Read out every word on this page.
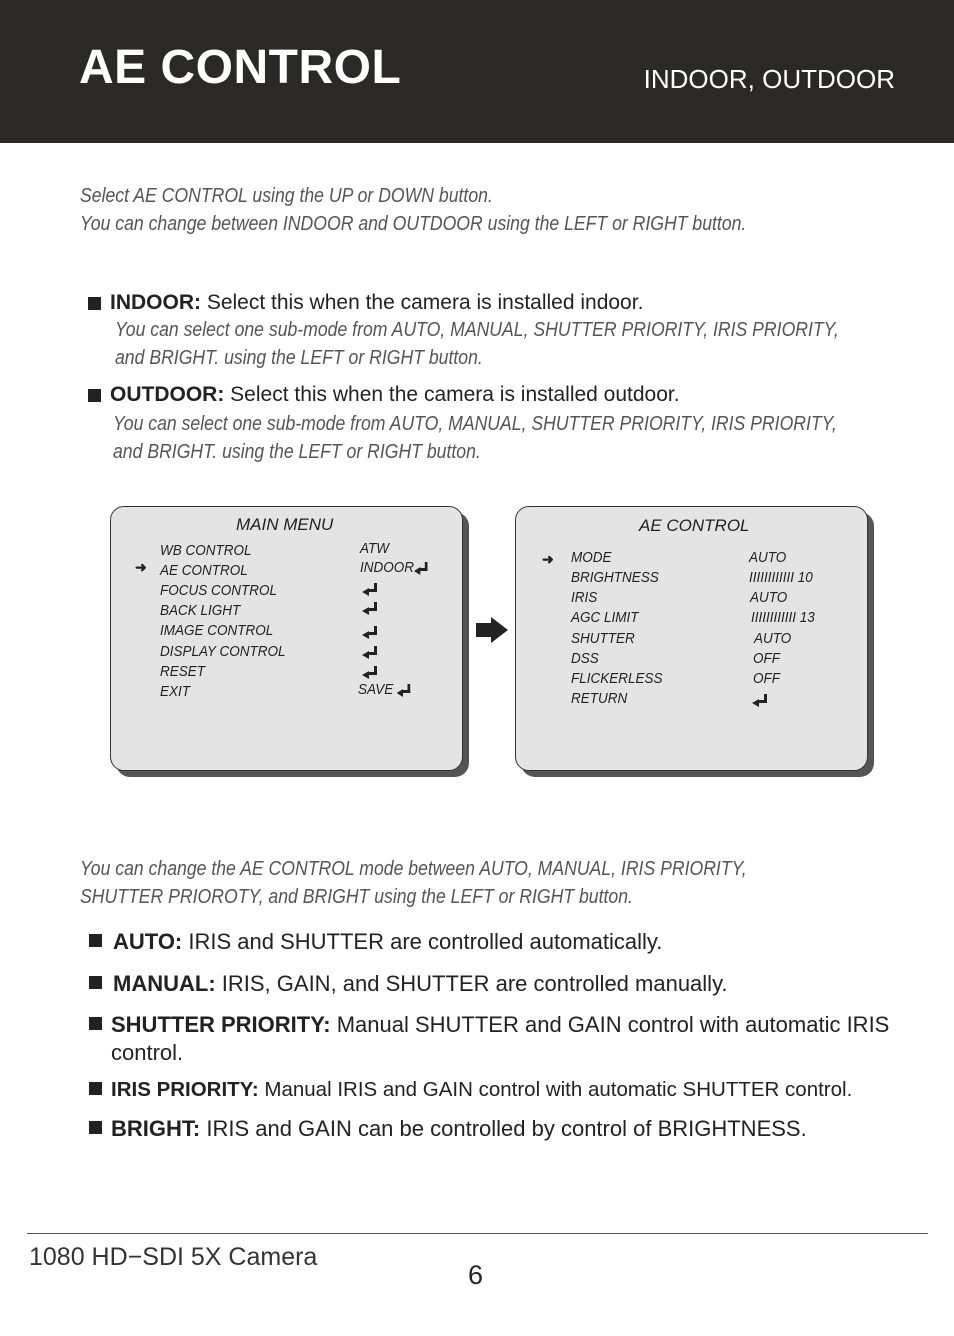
AE CONTROL	INDOOR, OUTDOOR
Select AE CONTROL using the UP or DOWN button.
You can change between INDOOR and OUTDOOR using the LEFT or RIGHT button.
INDOOR: Select this when the camera is installed indoor.
You can select one sub-mode from AUTO, MANUAL, SHUTTER PRIORITY, IRIS PRIORITY,
and BRIGHT. using the LEFT or RIGHT button.
OUTDOOR: Select this when the camera is installed outdoor.
You can select one sub-mode from AUTO, MANUAL, SHUTTER PRIORITY, IRIS PRIORITY,
and BRIGHT. using the LEFT or RIGHT button.
MAIN MENU
➜
WB CONTROL
AE CONTROL
FOCUS CONTROL
BACK LIGHT
IMAGE CONTROL
DISPLAY CONTROL
RESET
EXIT
ATW
INDOOR
SAVE
AE CONTROL
➜ MODE
BRIGHTNESS
IRIS
AGC LIMIT
SHUTTER
DSS
FLICKERLESS
RETURN
AUTO
IIIIIIIIIIII 10
AUTO
IIIIIIIIIIII 13
AUTO
OFF
OFF
You can change the AE CONTROL mode between AUTO, MANUAL, IRIS PRIORITY,
SHUTTER PRIOROTY, and BRIGHT using the LEFT or RIGHT button.
AUTO: IRIS and SHUTTER are controlled automatically.
MANUAL: IRIS, GAIN, and SHUTTER are controlled manually.
SHUTTER PRIORITY: Manual SHUTTER and GAIN control with automatic IRIS control.
IRIS PRIORITY: Manual IRIS and GAIN control with automatic SHUTTER control.
BRIGHT: IRIS and GAIN can be controlled by control of BRIGHTNESS.
1080 HD−SDI 5X Camera
6
